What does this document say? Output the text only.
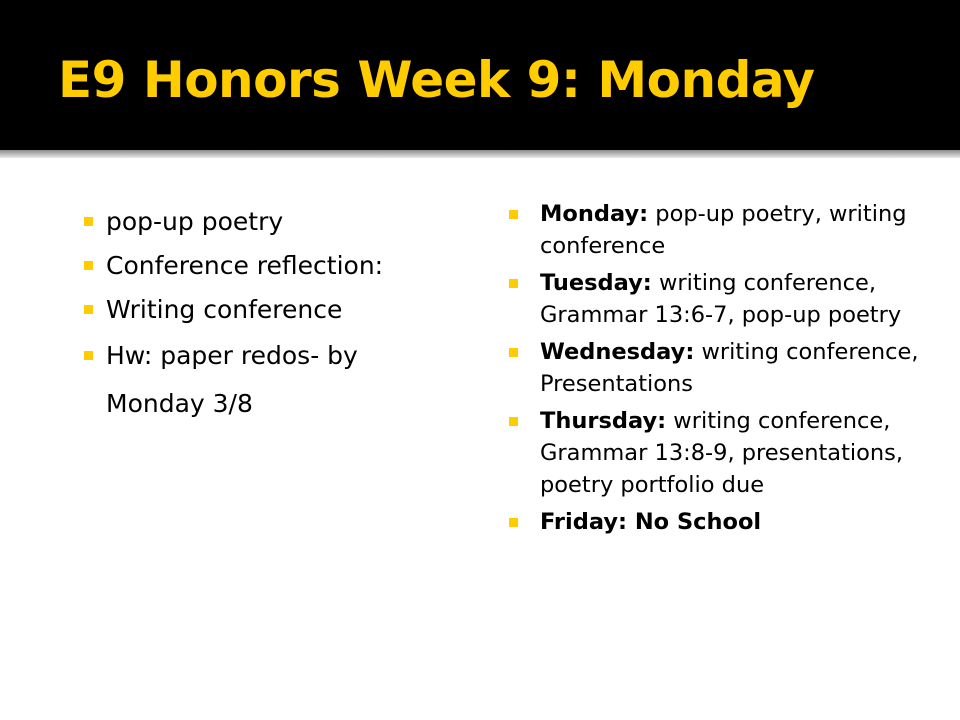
E9 Honors Week 9: Monday
pop-up poetry
Conference reflection:
Writing conference
Hw: paper redos- by Monday 3/8
Monday: pop-up poetry, writing conference
Tuesday: writing conference, Grammar 13:6-7, pop-up poetry
Wednesday: writing conference, Presentations
Thursday: writing conference, Grammar 13:8-9, presentations, poetry portfolio due
Friday: No School
